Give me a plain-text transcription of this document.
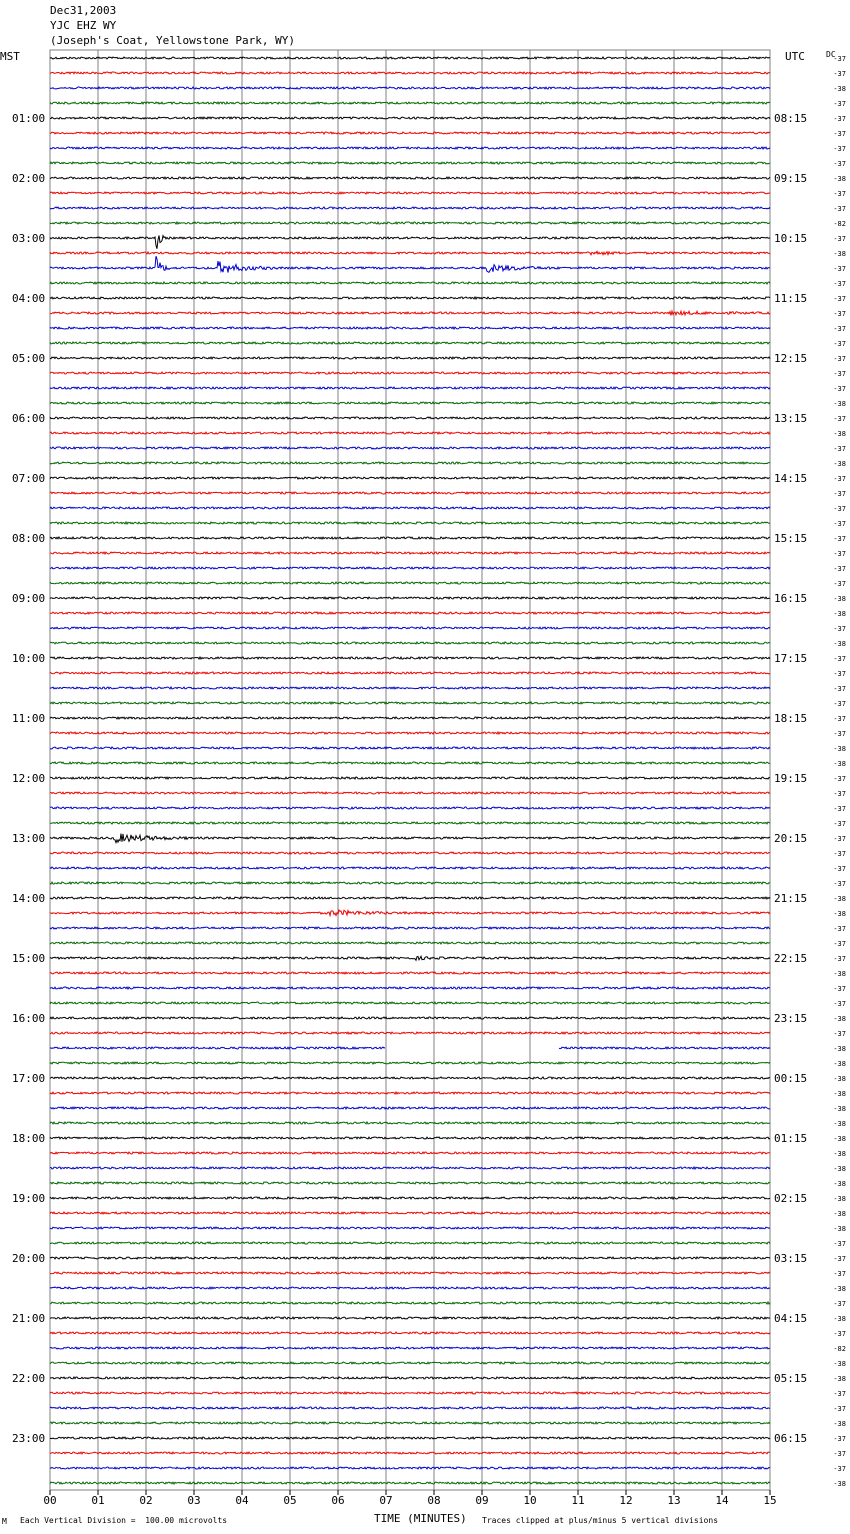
Dec31,2003
YJC EHZ WY
(Joseph's Coat, Yellowstone Park, WY)
MST	UTC	DC
00	01	02	03	04	05	06	07	08	09	10	11	12	13	14	15
-37
-37
-38
-37
-37
-37
-37
-37
-38
-37
-37
-82
-37
-38
-37
-37
-37
-37
-37
-37
-37
-37
-37
-38
-37
-38
-37
-38
-37
-37
-37
-37
-37
-37
-37
-37
-38
-38
-37
-38
-37
-37
-37
-37
-37
-37
-38
-38
-37
-37
-37
-37
-37
-37
-37
-37
-38
-38
-37
-37
-37
-38
-37
-37
-38
-37
-38
-38
-38
-38
-38
-38
-38
-38
-38
-38
-38
-38
-38
-37
-37
-37
-38
-37
-38
-37
-82
-38
-38
-37
-37
-38
-37
-37
-37
-38
01:00
02:00
03:00
04:00
05:00
06:00
07:00
08:00
09:00
10:00
11:00
12:00
13:00
14:00
15:00
16:00
17:00
18:00
19:00
20:00
21:00
22:00
23:00
08:15
09:15
10:15
11:15
12:15
13:15
14:15
15:15
16:15
17:15
18:15
19:15
20:15
21:15
22:15
23:15
00:15
01:15
02:15
03:15
04:15
05:15
06:15
M Each Vertical Division =  100.00 microvolts	TIME (MINUTES) Traces clipped at plus/minus 5 vertical divisions
